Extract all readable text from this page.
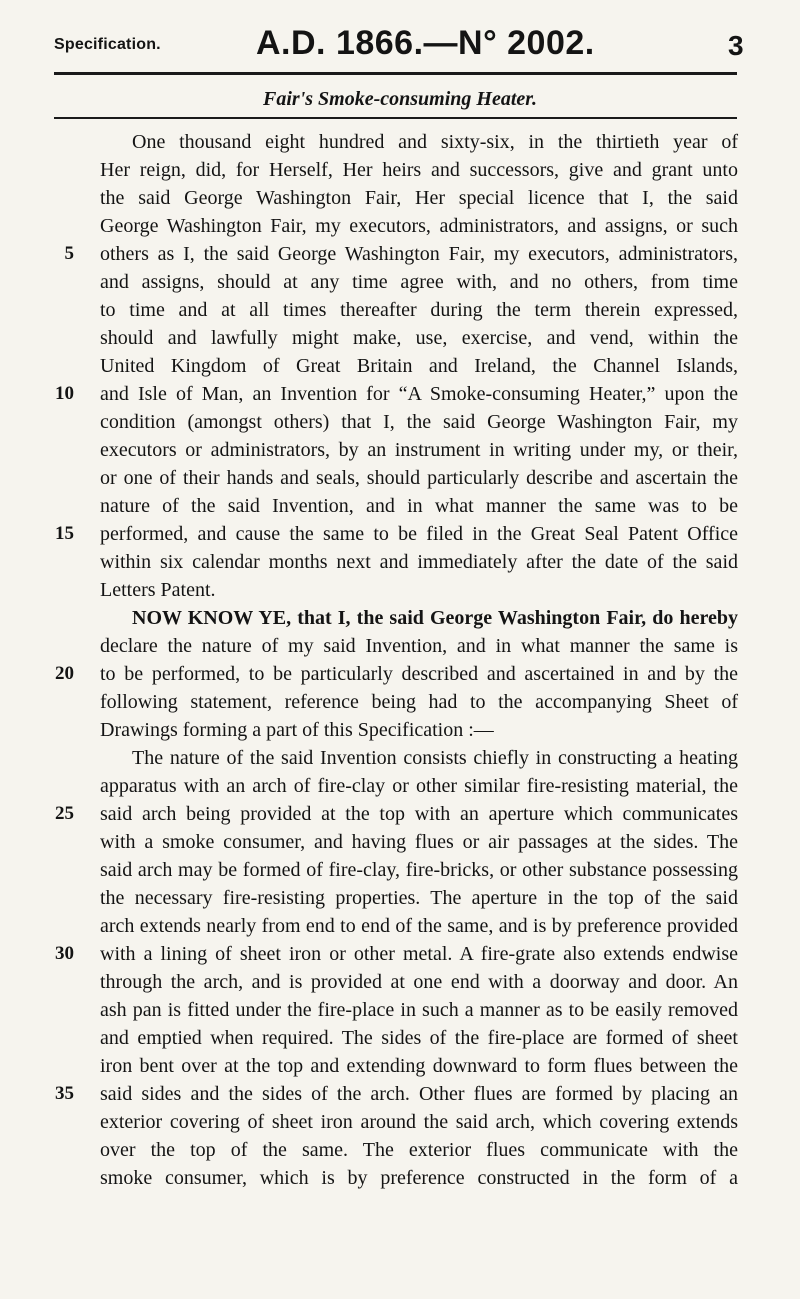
Specification.	A.D. 1866.—N° 2002.	3
Fair's Smoke-consuming Heater.
One thousand eight hundred and sixty-six, in the thirtieth year of
Her reign, did, for Herself, Her heirs and successors, give and grant unto
the said George Washington Fair, Her special licence that I, the said
George Washington Fair, my executors, administrators, and assigns, or such
others as I, the said George Washington Fair, my executors, administrators,
and assigns, should at any time agree with, and no others, from time
to time and at all times thereafter during the term therein expressed,
should and lawfully might make, use, exercise, and vend, within the
United Kingdom of Great Britain and Ireland, the Channel Islands,
and Isle of Man, an Invention for “A Smoke-consuming Heater,” upon the
condition (amongst others) that I, the said George Washington Fair, my
executors or administrators, by an instrument in writing under my, or their,
or one of their hands and seals, should particularly describe and ascertain the
nature of the said Invention, and in what manner the same was to be
performed, and cause the same to be filed in the Great Seal Patent Office
within six calendar months next and immediately after the date of the said
Letters Patent.
NOW KNOW YE, that I, the said George Washington Fair, do hereby
declare the nature of my said Invention, and in what manner the same is
to be performed, to be particularly described and ascertained in and by the
following statement, reference being had to the accompanying Sheet of
Drawings forming a part of this Specification :—
The nature of the said Invention consists chiefly in constructing a heating
apparatus with an arch of fire-clay or other similar fire-resisting material, the
said arch being provided at the top with an aperture which communicates
with a smoke consumer, and having flues or air passages at the sides. The
said arch may be formed of fire-clay, fire-bricks, or other substance possessing
the necessary fire-resisting properties. The aperture in the top of the said
arch extends nearly from end to end of the same, and is by preference provided
with a lining of sheet iron or other metal. A fire-grate also extends endwise
through the arch, and is provided at one end with a doorway and door. An
ash pan is fitted under the fire-place in such a manner as to be easily removed
and emptied when required. The sides of the fire-place are formed of sheet
iron bent over at the top and extending downward to form flues between the
said sides and the sides of the arch. Other flues are formed by placing an
exterior covering of sheet iron around the said arch, which covering extends
over the top of the same. The exterior flues communicate with the
smoke consumer, which is by preference constructed in the form of a
5
10
15
20
25
30
35
